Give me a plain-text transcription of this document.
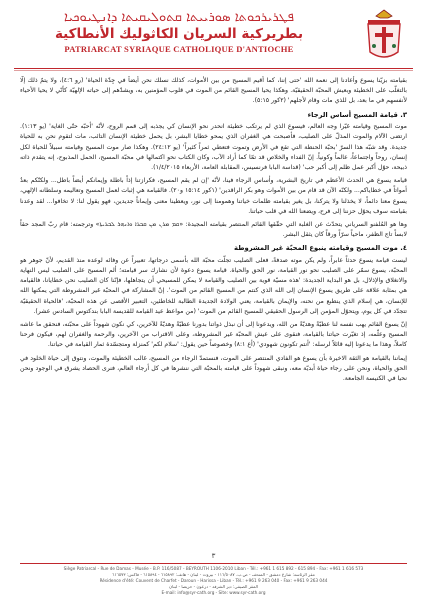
ܦܛܪܝܪܟܘܬܐ ܣܘܪܝܝܬܐ ܩܬܘܠܝܩܝܬܐ ܕܐܢܛܝܘܟܝܐ
بطريركية السريان الكاثوليك الأنطاكية
PATRIARCAT SYRIAQUE CATHOLIQUE D'ANTIOCHE

بقيامته بزيّنا يسوع وأعادنا إلى نعمة الله 'حتى إننا، كما أُقيم المسيح من بين الأموات، كذلك نسلك نحن أيضاً في جِدّة الحياة' (رو ٤:٦)، ولا يتمّ ذلك إلّا بالتغلّب على الخطيئة وبعيش المحبّة الحقيقيّة. وهكذا يحيا المسيح القائم من الموت في قلوب المؤمنين به، ويشدّهم إلى حياته الإلهيّة كأنّي لا يحيا الأحياء لأنفسهم في ما بعد، بل للذي مات وقام لأجلهم' (٢كور ٥:١٥).

٣. قيامة المسيح أساس الرجاء

موت المسيح وقيامته غيّرا وجه العالم، فيسوع الذي لم يرتكب خطيئة انحدر نحو الإنسان كي يجذبه إلى قمم الروح، لأنّه 'أحبّه حتّى الغاية' (يو ١:١٣). ارتضى الآلام والموت المذلّ على الصليب، فأصبحت هي الغفران الذي يمحو خطايا البشر، بل يحمل خطيئة الإنسان التائب، مات لتقوم نحن به للحياة جديدة. وقد شبّه هذا السرّ 'بحبّة الحنطة التي تقع في الأرض وتموت فتعطي ثمراً كثيراً' (يو ٢٤:١٢). وهكذا صار موت المسيح وقيامته سبيلاً للحياة لكل إنسان، روحاً واجتماعاً، عالماً وكونياً. إنّ الفداء والخلاص قد تمّا كما أراد الآب، وكان الكتاب نحو اكتمالها في محبّة المسيح، الحمل المذبوح، إنه يتقدم ذاته ذبيحة، حوّل أكبر عمل ظلم إلى أكبر حب' (قداسة البابا فرنسيس، المقابلة العامة، الأربعاء ١/٤/٢٠١٥).

قيامة يسوع هي الحدث الأعظم في تاريخ البشرية، وأساس الرجاء فينا، لأنّه 'إن لم يقم المسيح، فكرازتنا إذاً باطلة وإيمانكم أيضاً باطل... ولكنّكم بعدُ أمواتاً في خطاياكم... ولكنّه الآن قد قام من بين الأموات وهو بكر الراقدين' (١كور ١٥:١٤ و٢٠). فالقيامة هي إثبات لعمل المسيح وتعاليمه وسلطانه الإلهي، يسوع معنا دائماً، لا يخذلنا ولا يتركنا، بل يغير بقيامته ظلمات خياتنا وهمومنا إلى نور، ويعطينا معنى وإيماناً جديدين، فهو يقول لنا: لا تخافوا... لقد وعدنا بقيامته سوف يحوّل حزننا إلى فرح، ويضعنا الله في قلب حياتنا.

وها هو المُلفنو السرياني يتحدّث عن الغلبة التي حقّقها القائم المنتصر بقيامته المجيدة: «ܩܡ ܡܪܢ ܡܢ ܩܒܪܐ ܘܐܢܗܪ ܠܒܪܝܬܐ» وترجمته: قام ربّ المجد حقاً لابساً تاج الظفر، ماحياً سرّاً ورقاً كان يثقل البشر.

٤. موت المسيح وقيامته ينبوع المحبّة غير المشروطة

ليست قيامة يسوع حدثاً عابراً، ولم يكن موته صدفةً، فعلى الصليب تجلّت محبّة الله بأسمى درجاتها، تعبيراً عن وفائه لوعده منذ القديم، لأنّ جوهر هو المحبّة، يسوع سمّر على الصليب نحو نور القيامة، نور الحق والحياة. قيامة يسوع دعوة لأن نشارك سر قيامته؛ ألم المسيح على الصليب ليس النهاية والانغلاق والإذلال، بل هو البداية الجديدة: 'هذه مسيّة قوية بين الصليب والقيامة لا يمكن للمسيحي أن يتجاهلها، فإنّنا كان الصليب نحن خطايانا، فالقيامة هي بمثابة علاقة على طريق يسوع الإنسان إلى الله الذي كنتم من المسيح القائم من الموت'. إنّ المشاركة في المحبّة غير المشروطة التي يمكنها الله للإنسان، هي إسلام الذي ينطبع من نحنه، والإيمان بالقيامة، يعني الولادة الجديدة الطالبة للخاطئين، التعبير الأقصى عن هذه المحبّة، 'فالحياة الحقيقيّة تتجدّد في كل يوم، ويتحوّل المؤمن إلى الرسول الحقيقي للمسيح القائم من الموت' (من مواعظ عيد القيامة للقديسة البابا بندكتوس السادس عشر).

إنّ يسوع القائم يهب نفسه لنا عطيّةً وهديّةً من الله، ويدعونا إلى أن نبذل ذواتنا بدورنا عطيّةً وهديّةً للآخرين، كي نكون شهوداً على محبّته، فنحقق ما عاشه المسيح وعلّمه، إذ تغيّرت حياتنا بالقيامة، فنقوى على عيش المحبّة غير المشروطة، وعلى الاقتراب من الآخرين، والرحمة والغفران لهم، فيكون فرحنا كاملاً، وهذا ما يدعونا إليه قائلاً لرسله: 'أنتم تكونون شهودي' (أع ٨:١) وخصوصاً حين يقول: 'سلام لكم' كمنزلة ومتجسّدة ثمار القيامة في حياتنا.

إيماننا بالقيامة هو الثقة الاخيرة بأن يسوع هو الفادي المنتصر على الموت، فنستمدّ الرجاء من المسيح، غالب الخطيئة والموت، ونتوق إلى حياة الخلود في الحق والحياة، ونحن على رجاء حياة أبديّة معه، ونبقى شهوداً على قيامته بالمحبّة التي ننشرها في كل أرجاء العالم، فنرى الحصاد يشرق في الوجود ونحن نحيا في الكنيسة الجامعة.

٣
Siège Patriarcal - Rue de Damas - Musée - B.P. 116/5087 - BEYROUTH 1106-2010 Liban - Tél.: +961 1 615 892 - 615 894 - Fax: +961 1 616 573
مقر الرئاسة: شارع دمشق - المتحف - ص.ب. ١١٦/٥٠٨٧ - بيروت - لبنان - هاتف: ٦١٥٨٩٢ - ٦١٥٨٩٤ - فاكس: ٦١٦٥٧٣
Résidence d'été: Couvent de Charfet - Daroun - Harissa - Liban - Tél.: +961 9 263 040 - Fax: +961 9 263 044
المقر الصيفي: دير الشرفة - درعون - حريصا - لبنان
E-mail: info@syr-cath.org - Site: www.syr-cath.org
